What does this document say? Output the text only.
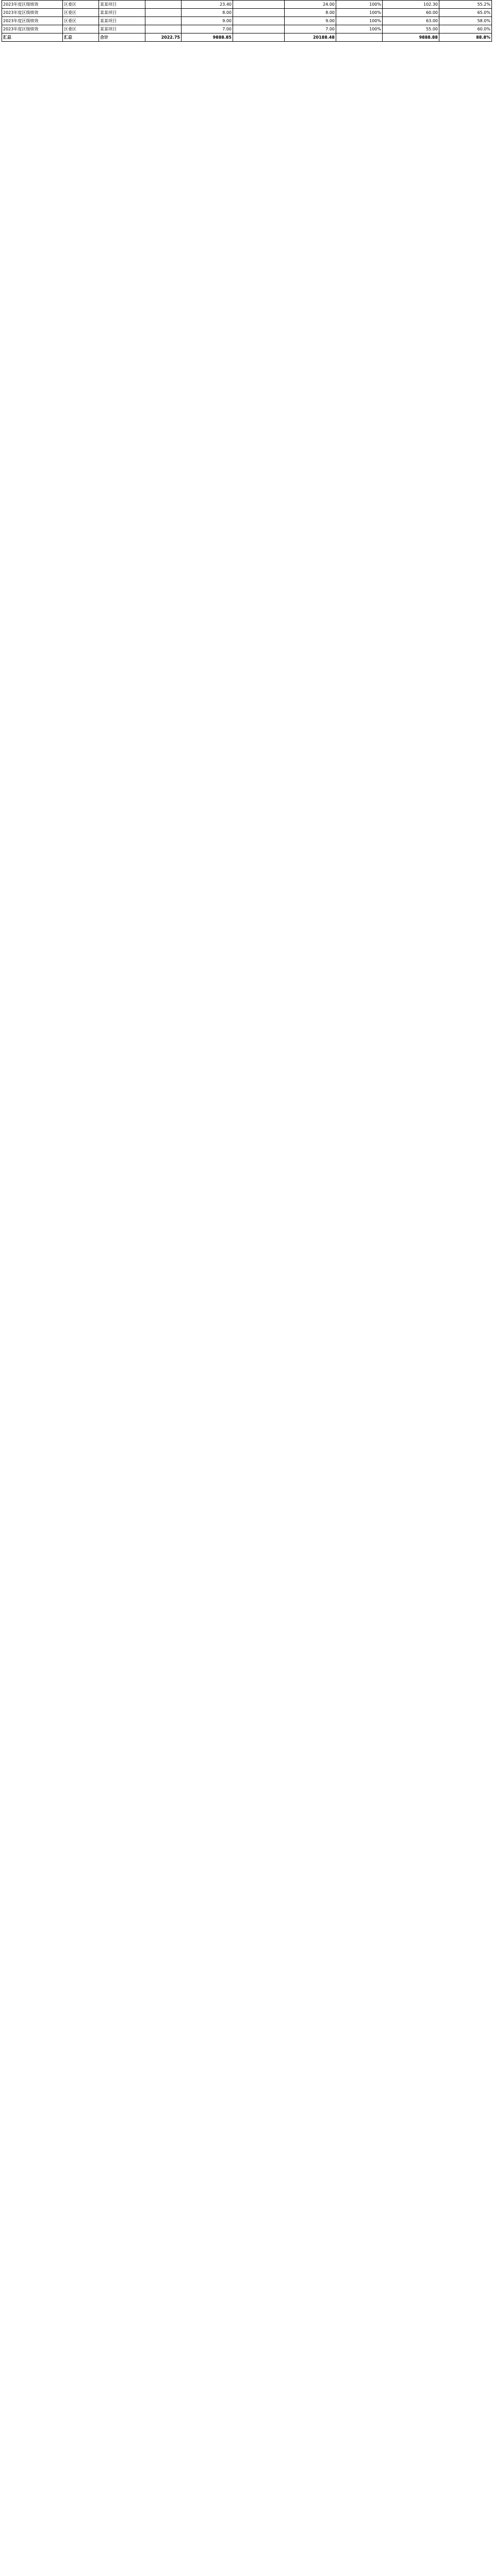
2023年度区级绩效	区委区	某某项目		23.40		24.00	100%	102.30	55.2%
2023年度区级绩效	区委区	某某项目		8.00		8.00	100%	60.00	65.0%
2023年度区级绩效	区委区	某某项目		9.00		9.00	100%	63.00	58.0%
2023年度区级绩效	区委区	某某项目		7.00		7.00	100%	55.00	60.0%
汇总	汇总	合计	2022.75	9888.85		20188.48		9888.88	88.8%
